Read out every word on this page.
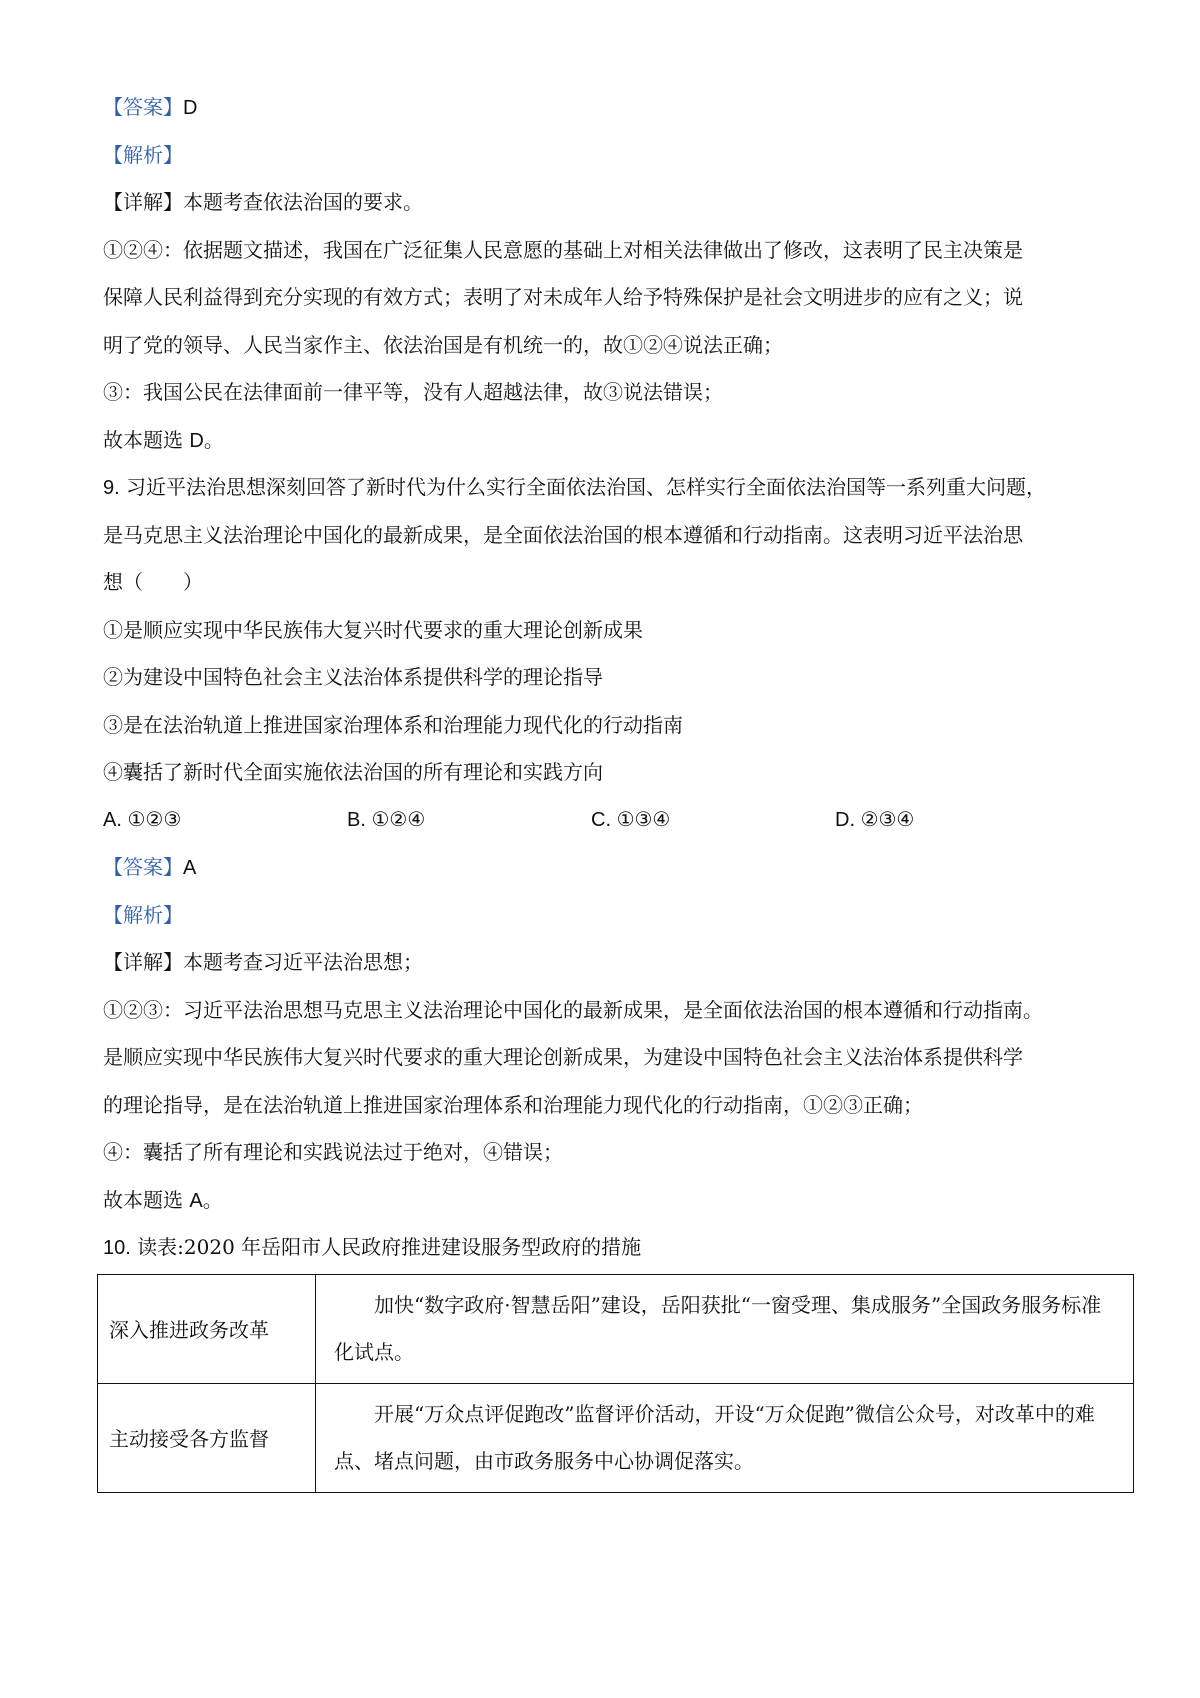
【答案】D
【解析】
【详解】本题考查依法治国的要求。
①②④：依据题文描述，我国在广泛征集人民意愿的基础上对相关法律做出了修改，这表明了民主决策是
保障人民利益得到充分实现的有效方式；表明了对未成年人给予特殊保护是社会文明进步的应有之义；说
明了党的领导、人民当家作主、依法治国是有机统一的，故①②④说法正确；
③：我国公民在法律面前一律平等，没有人超越法律，故③说法错误；
故本题选 D。
9. 习近平法治思想深刻回答了新时代为什么实行全面依法治国、怎样实行全面依法治国等一系列重大问题，
是马克思主义法治理论中国化的最新成果，是全面依法治国的根本遵循和行动指南。这表明习近平法治思
想（　　）
①是顺应实现中华民族伟大复兴时代要求的重大理论创新成果
②为建设中国特色社会主义法治体系提供科学的理论指导
③是在法治轨道上推进国家治理体系和治理能力现代化的行动指南
④囊括了新时代全面实施依法治国的所有理论和实践方向
A. ①②③	B. ①②④	C. ①③④	D. ②③④
【答案】A
【解析】
【详解】本题考查习近平法治思想；
①②③：习近平法治思想马克思主义法治理论中国化的最新成果，是全面依法治国的根本遵循和行动指南。
是顺应实现中华民族伟大复兴时代要求的重大理论创新成果，为建设中国特色社会主义法治体系提供科学
的理论指导，是在法治轨道上推进国家治理体系和治理能力现代化的行动指南，①②③正确；
④：囊括了所有理论和实践说法过于绝对，④错误；
故本题选 A。
10. 读表:2020 年岳阳市人民政府推进建设服务型政府的措施
深入推进政务改革	加快“数字政府·智慧岳阳”建设，岳阳获批“一窗受理、集成服务”全国政务服务标准化试点。
主动接受各方监督	开展“万众点评促跑改”监督评价活动，开设“万众促跑”微信公众号，对改革中的难点、堵点问题，由市政务服务中心协调促落实。
